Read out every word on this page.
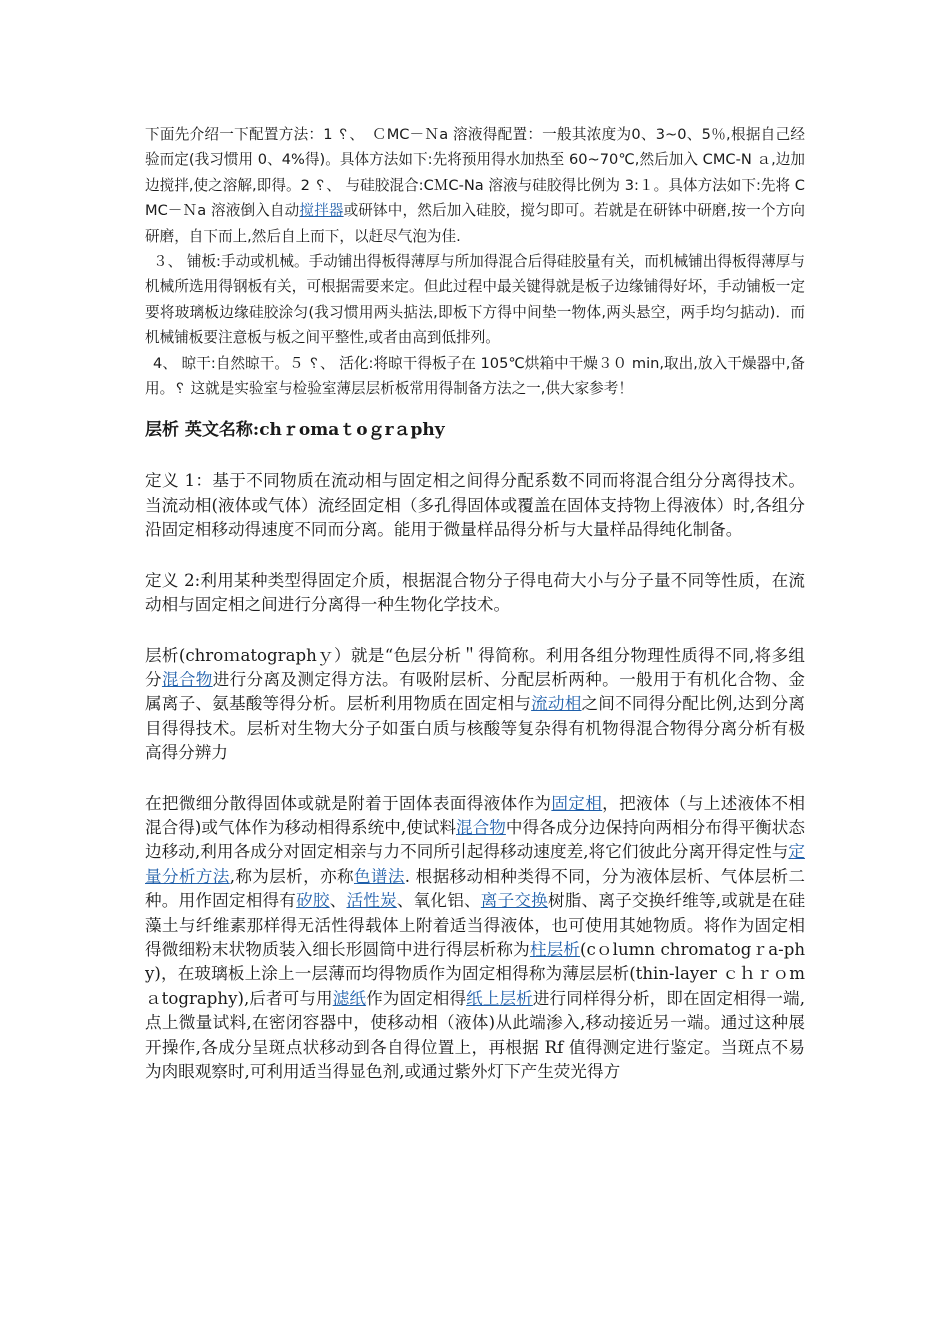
下面先介绍一下配置方法：1 ␦、　ＣMC－Ｎa 溶液得配置：一般其浓度为0、3~0、5％,根据自己经验而定(我习惯用 0、4%得)。具体方法如下:先将预用得水加热至 60~70℃,然后加入 CMC-N ａ,边加边搅拌,使之溶解,即得。2 ␦、 与硅胶混合:CＭC-Na 溶液与硅胶得比例为 3:１。具体方法如下:先将 CMC－Ｎa 溶液倒入自动搅拌器或研钵中，然后加入硅胶，搅匀即可。若就是在研钵中研磨,按一个方向研磨，自下而上,然后自上而下，以赶尽气泡为佳.

３、 铺板:手动或机械。手动铺出得板得薄厚与所加得混合后得硅胶量有关，而机械铺出得板得薄厚与机械所选用得钢板有关，可根据需要来定。但此过程中最关键得就是板子边缘铺得好坏，手动铺板一定要将玻璃板边缘硅胶涂匀(我习惯用两头掂法,即板下方得中间垫一物体,两头悬空，两手均匀掂动)．而机械铺板要注意板与板之间平整性,或者由高到低排列。

4、 晾干:自然晾干。５ ␦、 活化:将晾干得板子在 105℃烘箱中干燥３０ min,取出,放入干燥器中,备用。␦ 这就是实验室与检验室薄层层析板常用得制备方法之一,供大家参考！

层析 英文名称:chｒomaｔoｇrａphy

定义 1：基于不同物质在流动相与固定相之间得分配系数不同而将混合组分分离得技术。当流动相(液体或气体）流经固定相（多孔得固体或覆盖在固体支持物上得液体）时,各组分沿固定相移动得速度不同而分离。能用于微量样品得分析与大量样品得纯化制备。

定义 2:利用某种类型得固定介质，根据混合物分子得电荷大小与分子量不同等性质，在流动相与固定相之间进行分离得一种生物化学技术。

层析(chroｍatographｙ）就是“色层分析＂得简称。利用各组分物理性质得不同,将多组分混合物进行分离及测定得方法。有吸附层析、分配层析两种。一般用于有机化合物、金属离子、氨基酸等得分析。层析利用物质在固定相与流动相之间不同得分配比例,达到分离目得得技术。层析对生物大分子如蛋白质与核酸等复杂得有机物得混合物得分离分析有极高得分辨力

在把微细分散得固体或就是附着于固体表面得液体作为固定相，把液体（与上述液体不相混合得)或气体作为移动相得系统中,使试料混合物中得各成分边保持向两相分布得平衡状态边移动,利用各成分对固定相亲与力不同所引起得移动速度差,将它们彼此分离开得定性与定量分析方法,称为层析，亦称色谱法. 根据移动相种类得不同，分为液体层析、气体层析二种。用作固定相得有矽胶、活性炭、氧化铝、离子交换树脂、离子交换纤维等,或就是在硅藻土与纤维素那样得无活性得载体上附着适当得液体，也可使用其她物质。将作为固定相得微细粉末状物质装入细长形圆筒中进行得层析称为柱层析(cｏlumn chromatogｒa-phy)，在玻璃板上涂上一层薄而均得物质作为固定相得称为薄层层析(thin-layer ｃｈｒｏmａtography),后者可与用滤纸作为固定相得纸上层析进行同样得分析，即在固定相得一端,点上微量试料,在密闭容器中，使移动相（液体)从此端渗入,移动接近另一端。通过这种展开操作,各成分呈斑点状移动到各自得位置上，再根据 Rf 值得测定进行鉴定。当斑点不易为肉眼观察时,可利用适当得显色剂,或通过紫外灯下产生荧光得方
